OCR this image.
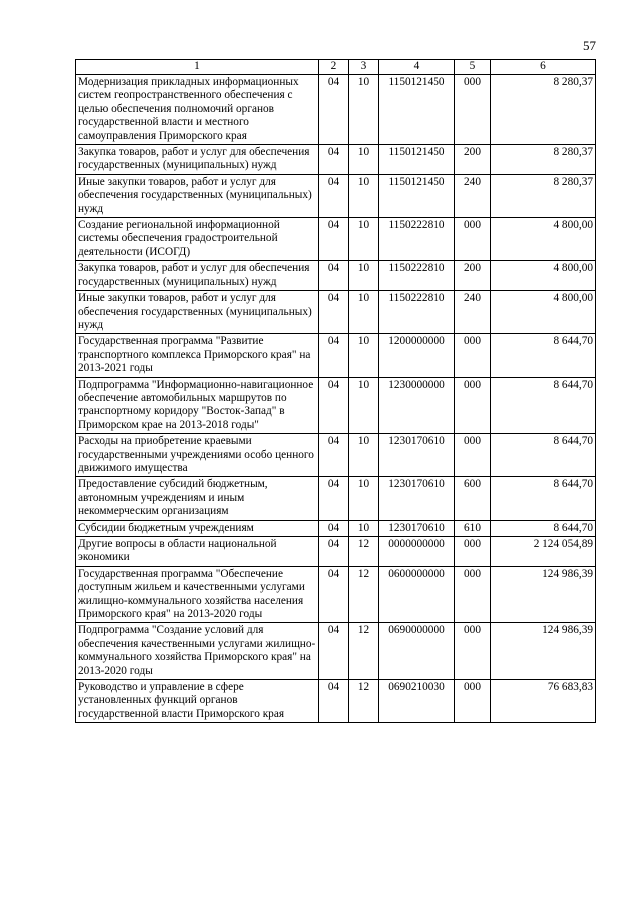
57
1	2	3	4	5	6
Модернизация прикладных информационных систем геопространственного обеспечения с целью обеспечения полномочий органов государственной власти и местного самоуправления Приморского края	04	10	1150121450	000	8 280,37
Закупка товаров, работ и услуг для обеспечения государственных (муниципальных) нужд	04	10	1150121450	200	8 280,37
Иные закупки товаров, работ и услуг для обеспечения государственных (муниципальных) нужд	04	10	1150121450	240	8 280,37
Создание региональной информационной системы обеспечения градостроительной деятельности (ИСОГД)	04	10	1150222810	000	4 800,00
Закупка товаров, работ и услуг для обеспечения государственных (муниципальных) нужд	04	10	1150222810	200	4 800,00
Иные закупки товаров, работ и услуг для обеспечения государственных (муниципальных) нужд	04	10	1150222810	240	4 800,00
Государственная программа "Развитие транспортного комплекса Приморского края" на 2013-2021 годы	04	10	1200000000	000	8 644,70
Подпрограмма "Информационно-навигационное обеспечение автомобильных маршрутов по транспортному коридору "Восток-Запад" в Приморском крае на 2013-2018 годы"	04	10	1230000000	000	8 644,70
Расходы на приобретение краевыми государственными учреждениями особо ценного движимого имущества	04	10	1230170610	000	8 644,70
Предоставление субсидий бюджетным, автономным учреждениям и иным некоммерческим организациям	04	10	1230170610	600	8 644,70
Субсидии бюджетным учреждениям	04	10	1230170610	610	8 644,70
Другие вопросы в области национальной экономики	04	12	0000000000	000	2 124 054,89
Государственная программа "Обеспечение доступным жильем и качественными услугами жилищно-коммунального хозяйства населения Приморского края" на 2013-2020 годы	04	12	0600000000	000	124 986,39
Подпрограмма "Создание условий для обеспечения качественными услугами жилищно-коммунального хозяйства Приморского края" на 2013-2020 годы	04	12	0690000000	000	124 986,39
Руководство и управление в сфере установленных функций органов государственной власти Приморского края	04	12	0690210030	000	76 683,83
